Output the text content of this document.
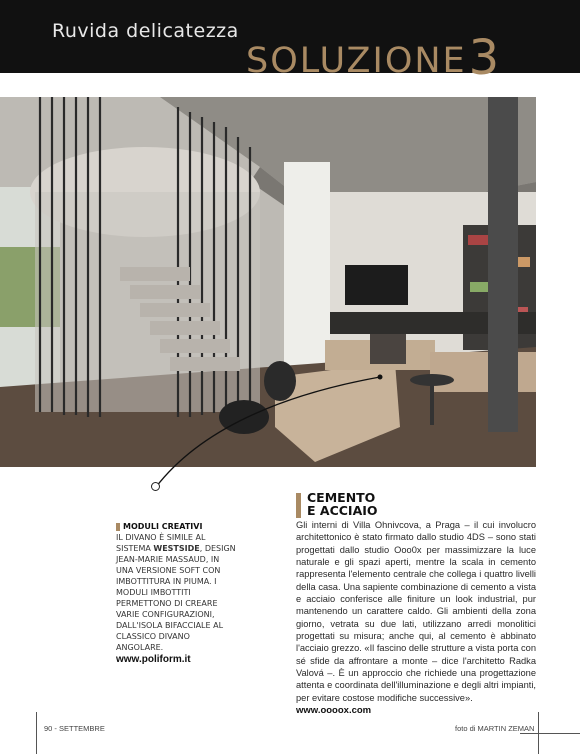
Ruvida delicatezza
SOLUZIONE 3
MODULI CREATIVI
IL DIVANO È SIMILE AL SISTEMA WESTSIDE, DESIGN JEAN-MARIE MASSAUD, IN UNA VERSIONE SOFT CON IMBOTTITURA IN PIUMA. I MODULI IMBOTTITI PERMETTONO DI CREARE VARIE CONFIGURAZIONI, DALL'ISOLA BIFACCIALE AL CLASSICO DIVANO ANGOLARE.
www.poliform.it
CEMENTO
E ACCIAIO
Gli interni di Villa Ohnivcova, a Praga – il cui involucro architettonico è stato firmato dallo studio 4DS – sono stati progettati dallo studio Ooo0x per massimizzare la luce naturale e gli spazi aperti, mentre la scala in cemento rappresenta l'elemento centrale che collega i quattro livelli della casa. Una sapiente combinazione di cemento a vista e acciaio conferisce alle finiture un look industrial, pur mantenendo un carattere caldo. Gli ambienti della zona giorno, vetrata su due lati, utilizzano arredi monolitici progettati su misura; anche qui, al cemento è abbinato l'acciaio grezzo. «Il fascino delle strutture a vista porta con sé sfide da affrontare a monte – dice l'architetto Radka Valová –. È un approccio che richiede una progettazione attenta e coordinata dell'illuminazione e degli altri impianti, per evitare costose modifiche successive».
www.oooox.com
90 - SETTEMBRE	foto di MARTIN ZEMAN
